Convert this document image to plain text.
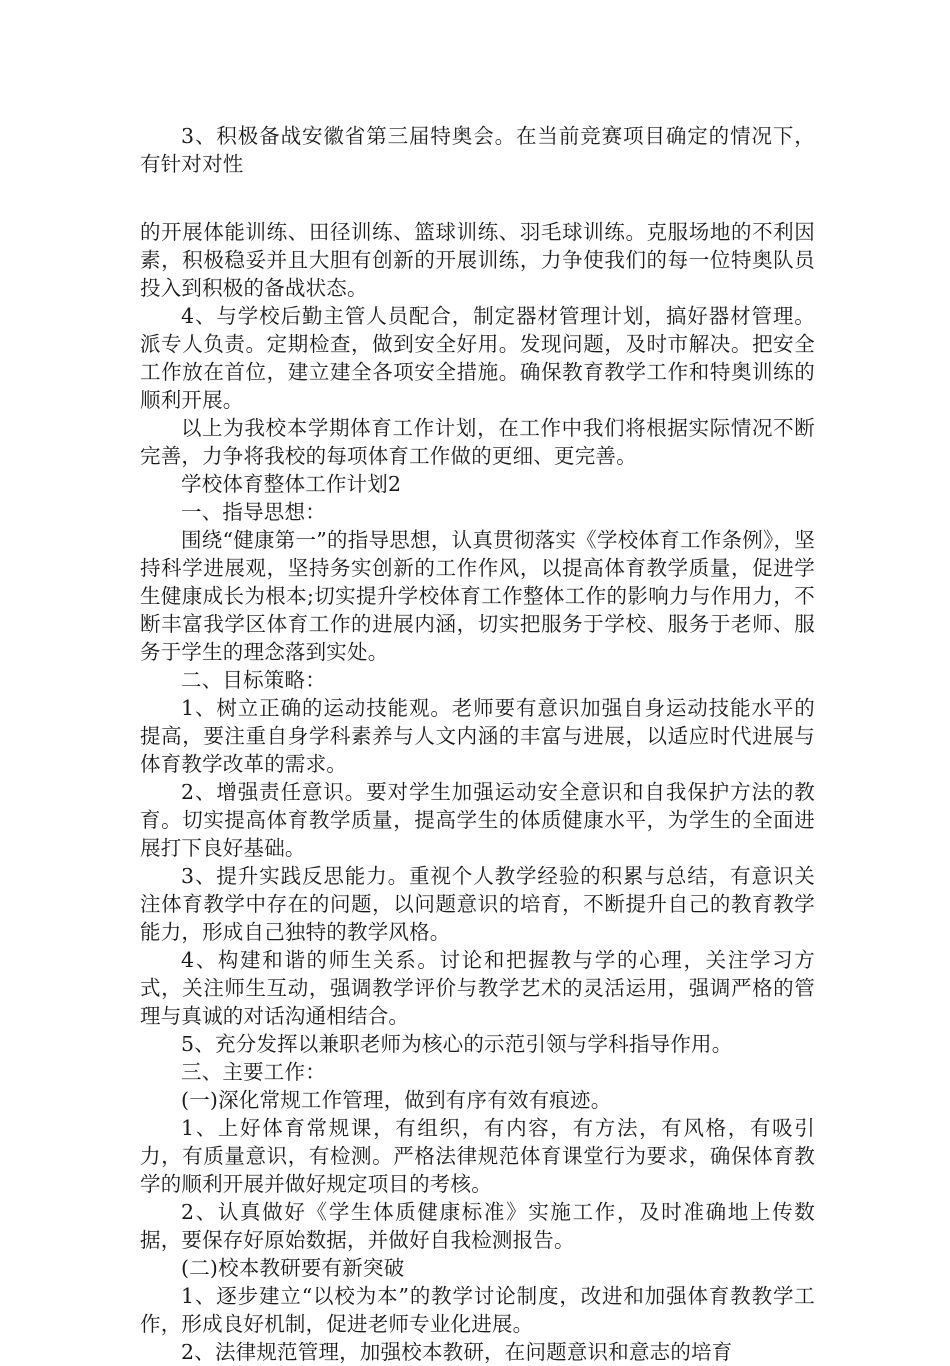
3、积极备战安徽省第三届特奥会。在当前竞赛项目确定的情况下，有针对对性

的开展体能训练、田径训练、篮球训练、羽毛球训练。克服场地的不利因素，积极稳妥并且大胆有创新的开展训练，力争使我们的每一位特奥队员投入到积极的备战状态。

4、与学校后勤主管人员配合，制定器材管理计划，搞好器材管理。派专人负责。定期检查，做到安全好用。发现问题，及时市解决。把安全工作放在首位，建立建全各项安全措施。确保教育教学工作和特奥训练的顺利开展。

以上为我校本学期体育工作计划，在工作中我们将根据实际情况不断完善，力争将我校的每项体育工作做的更细、更完善。

学校体育整体工作计划2

一、指导思想：

围绕“健康第一”的指导思想，认真贯彻落实《学校体育工作条例》，坚持科学进展观，坚持务实创新的工作作风，以提高体育教学质量，促进学生健康成长为根本;切实提升学校体育工作整体工作的影响力与作用力，不断丰富我学区体育工作的进展内涵，切实把服务于学校、服务于老师、服务于学生的理念落到实处。

二、目标策略：

1、树立正确的运动技能观。老师要有意识加强自身运动技能水平的提高，要注重自身学科素养与人文内涵的丰富与进展，以适应时代进展与体育教学改革的需求。

2、增强责任意识。要对学生加强运动安全意识和自我保护方法的教育。切实提高体育教学质量，提高学生的体质健康水平，为学生的全面进展打下良好基础。

3、提升实践反思能力。重视个人教学经验的积累与总结，有意识关注体育教学中存在的问题，以问题意识的培育，不断提升自己的教育教学能力，形成自己独特的教学风格。

4、构建和谐的师生关系。讨论和把握教与学的心理，关注学习方式，关注师生互动，强调教学评价与教学艺术的灵活运用，强调严格的管理与真诚的对话沟通相结合。

5、充分发挥以兼职老师为核心的示范引领与学科指导作用。

三、主要工作：

(一)深化常规工作管理，做到有序有效有痕迹。

1、上好体育常规课，有组织，有内容，有方法，有风格，有吸引力，有质量意识，有检测。严格法律规范体育课堂行为要求，确保体育教学的顺利开展并做好规定项目的考核。

2、认真做好《学生体质健康标准》实施工作，及时准确地上传数据，要保存好原始数据，并做好自我检测报告。

(二)校本教研要有新突破

1、逐步建立“以校为本”的教学讨论制度，改进和加强体育教教学工作，形成良好机制，促进老师专业化进展。

2、法律规范管理，加强校本教研，在问题意识和意志的培育
